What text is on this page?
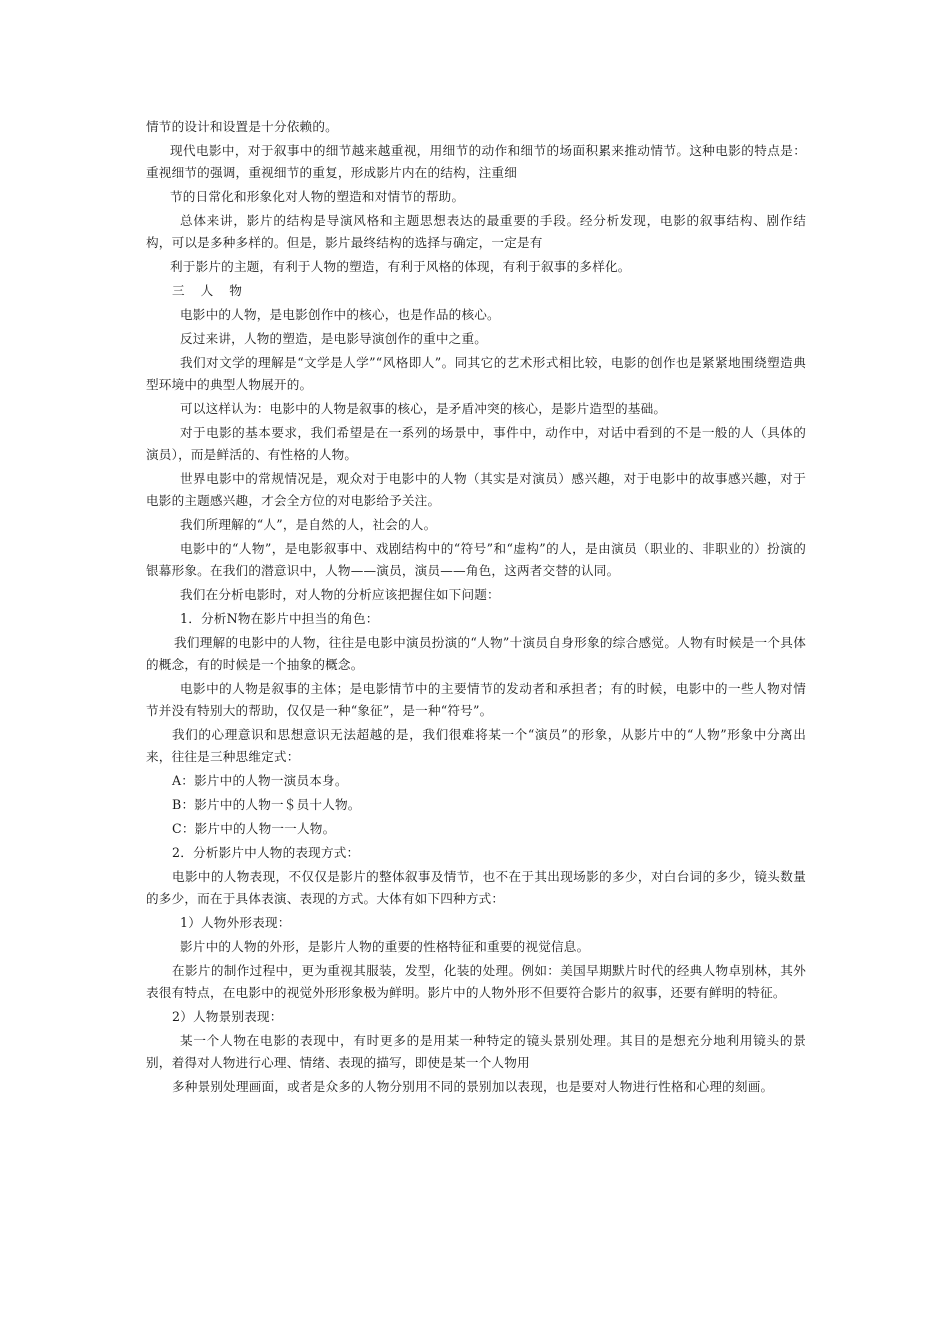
情节的设计和设置是十分依赖的。

现代电影中，对于叙事中的细节越来越重视，用细节的动作和细节的场面积累来推动情节。这种电影的特点是：重视细节的强调，重视细节的重复，形成影片内在的结构，注重细

节的日常化和形象化对人物的塑造和对情节的帮助。

总体来讲，影片的结构是导演风格和主题思想表达的最重要的手段。经分析发现，电影的叙事结构、剧作结构，可以是多种多样的。但是，影片最终结构的选择与确定，一定是有

利于影片的主题，有利于人物的塑造，有利于风格的体现，有利于叙事的多样化。

三 人 物

电影中的人物，是电影创作中的核心，也是作品的核心。

反过来讲，人物的塑造，是电影导演创作的重中之重。

我们对文学的理解是“文学是人学”“风格即人”。同其它的艺术形式相比较，电影的创作也是紧紧地围绕塑造典型环境中的典型人物展开的。

可以这样认为：电影中的人物是叙事的核心，是矛盾冲突的核心，是影片造型的基础。

对于电影的基本要求，我们希望是在一系列的场景中，事件中，动作中，对话中看到的不是一般的人（具体的演员），而是鲜活的、有性格的人物。

世界电影中的常规情况是，观众对于电影中的人物（其实是对演员）感兴趣，对于电影中的故事感兴趣，对于电影的主题感兴趣，才会全方位的对电影给予关注。

我们所理解的“人”，是自然的人，社会的人。

电影中的“人物”，是电影叙事中、戏剧结构中的“符号”和“虚构”的人，是由演员（职业的、非职业的）扮演的银幕形象。在我们的潜意识中，人物——演员，演员——角色，这两者交替的认同。

我们在分析电影时，对人物的分析应该把握住如下问题：

1．分析N物在影片中担当的角色：

我们理解的电影中的人物，往往是电影中演员扮演的“人物”十演员自身形象的综合感觉。人物有时候是一个具体的概念，有的时候是一个抽象的概念。

电影中的人物是叙事的主体；是电影情节中的主要情节的发动者和承担者；有的时候，电影中的一些人物对情节并没有特别大的帮助，仅仅是一种“象征”，是一种“符号”。

我们的心理意识和思想意识无法超越的是，我们很难将某一个“演员”的形象，从影片中的“人物”形象中分离出来，往往是三种思维定式：

A：影片中的人物一演员本身。

B：影片中的人物一＄员十人物。

C：影片中的人物一一人物。

2．分析影片中人物的表现方式：

电影中的人物表现，不仅仅是影片的整体叙事及情节，也不在于其出现场影的多少，对白台词的多少，镜头数量的多少，而在于具体表演、表现的方式。大体有如下四种方式：

1）人物外形表现：

影片中的人物的外形，是影片人物的重要的性格特征和重要的视觉信息。

在影片的制作过程中，更为重视其服装，发型，化装的处理。例如：美国早期默片时代的经典人物卓别林，其外表很有特点，在电影中的视觉外形形象极为鲜明。影片中的人物外形不但要符合影片的叙事，还要有鲜明的特征。

2）人物景别表现：

某一个人物在电影的表现中，有时更多的是用某一种特定的镜头景别处理。其目的是想充分地利用镜头的景别，着得对人物进行心理、情绪、表现的描写，即使是某一个人物用

多种景别处理画面，或者是众多的人物分别用不同的景别加以表现，也是要对人物进行性格和心理的刻画。
